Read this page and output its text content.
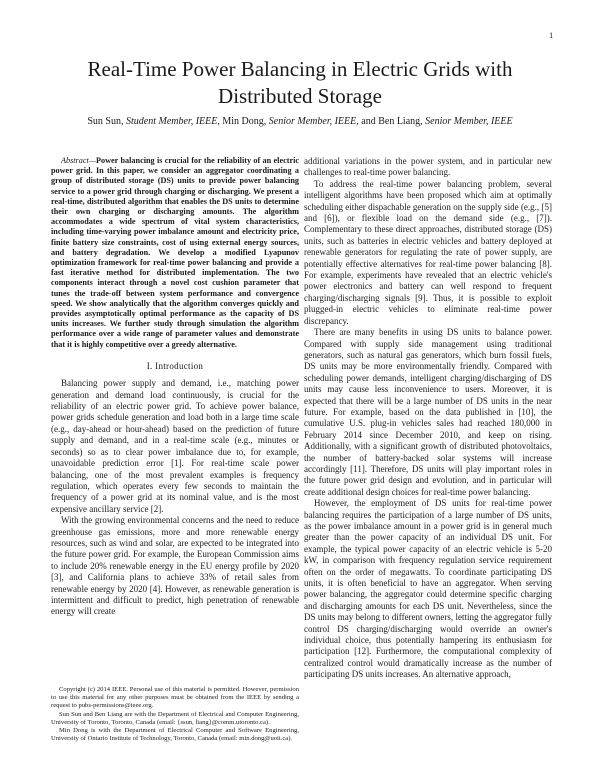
1
Real-Time Power Balancing in Electric Grids with Distributed Storage
Sun Sun, Student Member, IEEE, Min Dong, Senior Member, IEEE, and Ben Liang, Senior Member, IEEE

Abstract—Power balancing is crucial for the reliability of an electric power grid. In this paper, we consider an aggregator coordinating a group of distributed storage (DS) units to provide power balancing service to a power grid through charging or discharging. We present a real-time, distributed algorithm that enables the DS units to determine their own charging or discharging amounts. The algorithm accommodates a wide spectrum of vital system characteristics, including time-varying power imbalance amount and electricity price, finite battery size constraints, cost of using external energy sources, and battery degradation. We develop a modified Lyapunov optimization framework for real-time power balancing and provide a fast iterative method for distributed implementation. The two components interact through a novel cost cushion parameter that tunes the trade-off between system performance and convergence speed. We show analytically that the algorithm converges quickly and provides asymptotically optimal performance as the capacity of DS units increases. We further study through simulation the algorithm performance over a wide range of parameter values and demonstrate that it is highly competitive over a greedy alternative.

I. Introduction

Balancing power supply and demand, i.e., matching power generation and demand load continuously, is crucial for the reliability of an electric power grid. To achieve power balance, power grids schedule generation and load both in a large time scale (e.g., day-ahead or hour-ahead) based on the prediction of future supply and demand, and in a real-time scale (e.g., minutes or seconds) so as to clear power imbalance due to, for example, unavoidable prediction error [1]. For real-time scale power balancing, one of the most prevalent examples is frequency regulation, which operates every few seconds to maintain the frequency of a power grid at its nominal value, and is the most expensive ancillary service [2].

With the growing environmental concerns and the need to reduce greenhouse gas emissions, more and more renewable energy resources, such as wind and solar, are expected to be integrated into the future power grid. For example, the European Commission aims to include 20% renewable energy in the EU energy profile by 2020 [3], and California plans to achieve 33% of retail sales from renewable energy by 2020 [4]. However, as renewable generation is intermittent and difficult to predict, high penetration of renewable energy will create

additional variations in the power system, and in particular new challenges to real-time power balancing.

To address the real-time power balancing problem, several intelligent algorithms have been proposed which aim at optimally scheduling either dispachable generation on the supply side (e.g., [5] and [6]), or flexible load on the demand side (e.g., [7]). Complementary to these direct approaches, distributed storage (DS) units, such as batteries in electric vehicles and battery deployed at renewable generators for regulating the rate of power supply, are potentially effective alternatives for real-time power balancing [8]. For example, experiments have revealed that an electric vehicle's power electronics and battery can well respond to frequent charging/discharging signals [9]. Thus, it is possible to exploit plugged-in electric vehicles to eliminate real-time power discrepancy.

There are many benefits in using DS units to balance power. Compared with supply side management using traditional generators, such as natural gas generators, which burn fossil fuels, DS units may be more environmentally friendly. Compared with scheduling power demands, intelligent charging/discharging of DS units may cause less inconvenience to users. Moreover, it is expected that there will be a large number of DS units in the near future. For example, based on the data published in [10], the cumulative U.S. plug-in vehicles sales had reached 180,000 in February 2014 since December 2010, and keep on rising. Additionally, with a significant growth of distributed photovoltaics, the number of battery-backed solar systems will increase accordingly [11]. Therefore, DS units will play important roles in the future power grid design and evolution, and in particular will create additional design choices for real-time power balancing.

However, the employment of DS units for real-time power balancing requires the participation of a large number of DS units, as the power imbalance amount in a power grid is in general much greater than the power capacity of an individual DS unit. For example, the typical power capacity of an electric vehicle is 5-20 kW, in comparison with frequency regulation service requirement often on the order of megawatts. To coordinate participating DS units, it is often beneficial to have an aggregator. When serving power balancing, the aggregator could determine specific charging and discharging amounts for each DS unit. Nevertheless, since the DS units may belong to different owners, letting the aggregator fully control DS charging/discharging would override an owner's individual choice, thus potentially hampering its enthusiasm for participation [12]. Furthermore, the computational complexity of centralized control would dramatically increase as the number of participating DS units increases. An alternative approach,

Copyright (c) 2014 IEEE. Personal use of this material is permitted. However, permission to use this material for any other purposes must be obtained from the IEEE by sending a request to pubs-permissions@ieee.org.

Sun Sun and Ben Liang are with the Department of Electrical and Computer Engineering, University of Toronto, Toronto, Canada (email: {ssun, liang}@comm.utoronto.ca).

Min Dong is with the Department of Electrical Computer and Software Engineering, University of Ontario Institute of Technology, Toronto, Canada (email: min.dong@uoit.ca).
